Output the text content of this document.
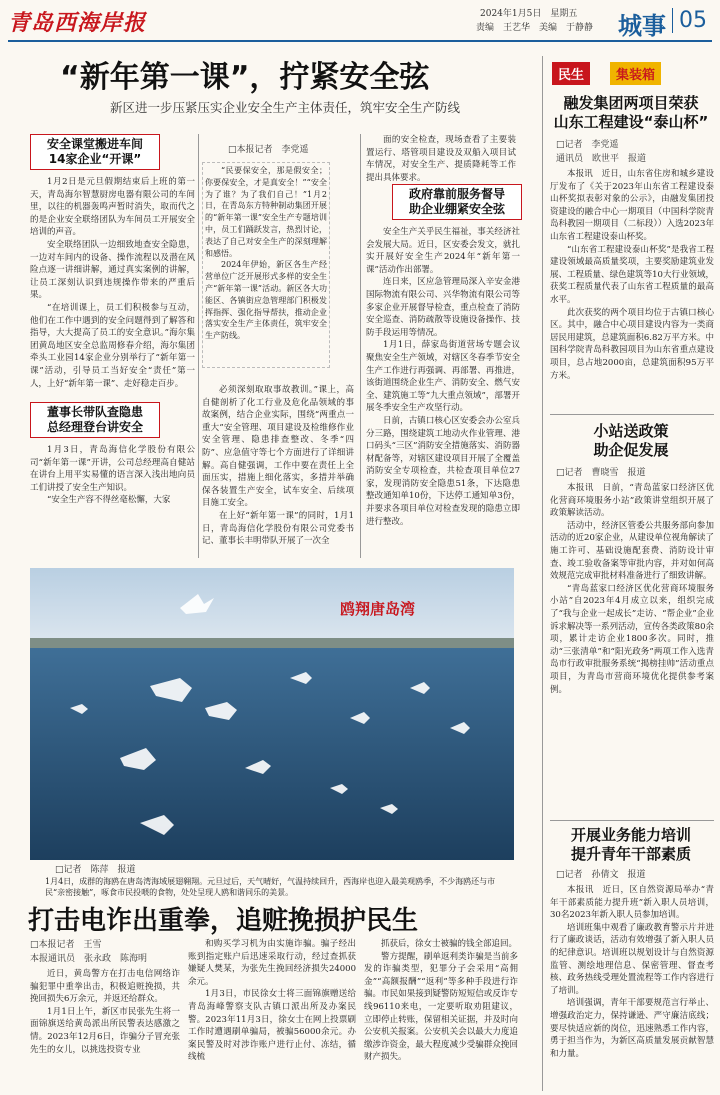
青岛西海岸报	2024年1月5日　星期五
责编　王艺华　美编　于静静 城事 05
“新年第一课”，拧紧安全弦
新区进一步压紧压实企业安全生产主体责任，筑牢安全生产防线
安全课堂搬进车间
14家企业“开课”

1月2日是元旦假期结束后上班的第一天，青岛海尔智慧厨房电器有限公司的车间里，以往的机器轰鸣声暂时消失，取而代之的是企业安全联络团队为车间员工开展安全培训的声音。

安全联络团队一边细致地查安全隐患，一边对车间内的设备、操作流程以及潜在风险点逐一讲细讲解，通过真实案例的讲解，让员工深刻认识到违规操作带来的严重后果。

“在培训课上，员工们积极参与互动，他们在工作中遇到的安全问题得到了解答和指导，大大提高了员工的安全意识。”海尔集团黄岛地区安全总监周修春介绍，海尔集团牵头工业园14家企业分别举行了“新年第一课”活动，引导员工当好安全“责任”第一人，上好“新年第一课”、走好稳走百步。

董事长带队查隐患
总经理登台讲安全

1月3日，青岛海信化学股份有限公司“新年第一课”开讲，公司总经理高自健站在讲台上用平实易懂的语言深入浅出地向员工们讲授了安全生产知识。

“安全生产容不得丝毫松懈，大家

□本报记者　李党遥

“民要保安全，那是假安全；你要保安全，才是真安全！”“安全为了谁？为了我们自己！”1月2日，在青岛东方特种制动集团开展的“新年第一课”安全生产专题培训中，员工们踊跃发言，热烈讨论，表达了自己对安全生产的深刻理解和感悟。

2024年伊始，新区各生产经营单位广泛开展形式多样的安全生产“新年第一课”活动。新区各大功能区、各镇街应急管理部门积极发挥指挥、强化指导帮扶，推动企业落实安全生产主体责任，筑牢安全生产防线。

必须深刻取取事故教训。”课上，高自健剖析了化工行业及危化品领域的事故案例，结合企业实际，围绕“两重点一重大”安全管理、项目建设及检维修作业安全管理、隐患排查整改、冬季“四防”、应急值守等七个方面进行了详细讲解。高自健强调，工作中要在责任上全面压实，措施上细化落实，多措并举确保各装置生产安全，试车安全、后续项目施工安全。

在上好“新年第一课”的同时，1月1日，青岛海信化学股份有限公司党委书记、董事长丰明带队开展了一次全

面的安全检查，现场查看了主要装置运行、塔管项目建设及双船入项目试车情况，对安全生产、提质降耗等工作提出具体要求。

政府靠前服务督导
助企业绷紧安全弦

安全生产关乎民生福祉，事关经济社会发展大局。近日，区安委会发文，就扎实开展好安全生产2024年“新年第一课”活动作出部署。

连日来，区应急管理局深入辛安金港国际物流有限公司、兴华物流有限公司等多家企业开展督导检查，重点检查了消防安全巡查、消防疏散等设施设备操作、技防手段运用等情况。

1月1日，薛家岛街道营场专题会议聚焦安全生产领域，对辖区冬春季节安全生产工作进行再强调、再部署、再推进，该街道围绕企业生产、消防安全、燃气安全、建筑施工等“九大重点领域”，部署开展冬季安全生产攻坚行动。

日前，古镇口核心区安委会办公室兵分三路，围绕建筑工地动火作业管理、港口码头“三区”消防安全措施落实、消防器材配备等，对辖区建设项目开展了全覆盖消防安全专项检查，共检查项目单位27家，发现消防安全隐患51条，下达隐患整改通知单10份，下达停工通知单3份，并要求各项目单位对检查发现的隐患立即进行整改。

鸥翔唐岛湾
□记者　陈萍　报道
1月4日，成群的海鸥在唐岛湾海域展翅翱翔。元旦过后，天气晴好，气温持续回升，西海岸也迎入最美观鸥季，不少海鸥还与市民“亲密接触”，啄食市民投喂的食物，处处呈现人鸥和谐同乐的美景。
打击电诈出重拳，追赃挽损护民生
□本报记者　王雪
本报通讯员　张永政　陈海明

近日，黄岛警方在打击电信网络诈骗犯罪中重拳出击，积极追赃挽损，共挽回损失6万余元，并返还给群众。

1月1日上午，新区市民张先生将一面锦旗送给黄岛派出所民警表达感激之情。2023年12月6日，诈骗分子冒充张先生的女儿，以挑选投资专业

和购买学习机为由实施诈骗。骗子经出账到指定账户后迅速采取行动，经过查抓获嫌疑人樊某，为张先生挽回经济损失24000余元。

1月3日，市民徐女士将三面锦旗赠送给青岛海峰警察支队古镇口派出所及办案民警。2023年11月3日，徐女士在网上投票刷工作时遭遇刷单骗局，被骗56000余元。办案民警及时对涉诈账户进行止付、冻结，循线梳

抓获后，徐女士被骗的钱全部追回。

警方提醒，刷单返利类诈骗是当前多发的诈骗类型，犯罪分子会采用“高佣金”“高额报酬”“返利”等多种手段进行诈骗。市民如果接到疑警防短短信或反诈专线96110来电，一定要听取劝阻建议，立即停止转账，保留相关证据，并及时向公安机关报案。公安机关会以最大力度追缴涉诈资金，最大程度减少受骗群众挽回财产损失。

民生	集装箱
融发集团两项目荣获
山东工程建设“泰山杯”
□记者　李党遥
通讯员　欧世平　报道

本报讯　近日，山东省住房和城乡建设厅发布了《关于2023年山东省工程建设泰山杯奖拟表彰对象的公示》，由融发集团投资建设的融合中心一期项目（中国科学院青岛科教园一期项目（二标段））入选2023年山东省工程建设泰山杯奖。

“山东省工程建设泰山杯奖”是我省工程建设领域最高质量奖项，主要奖励建筑业发展、工程质量、绿色建筑等10大行业领域，获奖工程质量代表了山东省工程质量的最高水平。

此次获奖的两个项目均位于古镇口核心区。其中，融合中心项目建设内容为一类商居民用建筑，总建筑面积6.82万平方米。中国科学院青岛科教园项目为山东省重点建设项目，总占地2000亩，总建筑面积95万平方米。

小站送政策
助企促发展
□记者　曹晓雪　报道

本报讯　日前，“青岛蓝家口经济区优化营商环境服务小站”政策讲堂组织开展了政策解读活动。

活动中，经济区管委公共服务部向参加活动的近20家企业，从建设单位视角解读了施工许可、基础设施配套费、消防设计审查、竣工验收备案等审批内容，并对如何高效规范完成审批材料准备进行了细致讲解。

“青岛蓝家口经济区优化营商环境服务小站”自2023年4月成立以来，组织完成了“我与企业一起成长”走访、“帮企业”企业诉求解决等一系列活动，宣传各类政策80余项，累计走访企业1800多次。同时，推动“三张清单”和“阳光政务”两项工作入选青岛市行政审批服务系统“揭榜挂帅”活动重点项目，为青岛市营商环境优化提供参考案例。

开展业务能力培训
提升青年干部素质
□记者　孙倩文　报道

本报讯　近日，区自然资源局举办“青年干部素质能力提升班”新入职人员培训，30名2023年新入职人员参加培训。

培训班集中观看了廉政教育警示片并进行了廉政谈话，活动有效增强了新入职人员的纪律意识。培训班以规划设计与自然资源监管、测绘地理信息、保密管理、督查考核、政务热线受理处置流程等工作内容进行了培训。

培训强调，青年干部要规范言行举止、增强政治定力，保持谦逊、严守廉洁底线；要尽快适应新的岗位，迅速熟悉工作内容，勇于担当作为，为新区高质量发展贡献智慧和力量。
